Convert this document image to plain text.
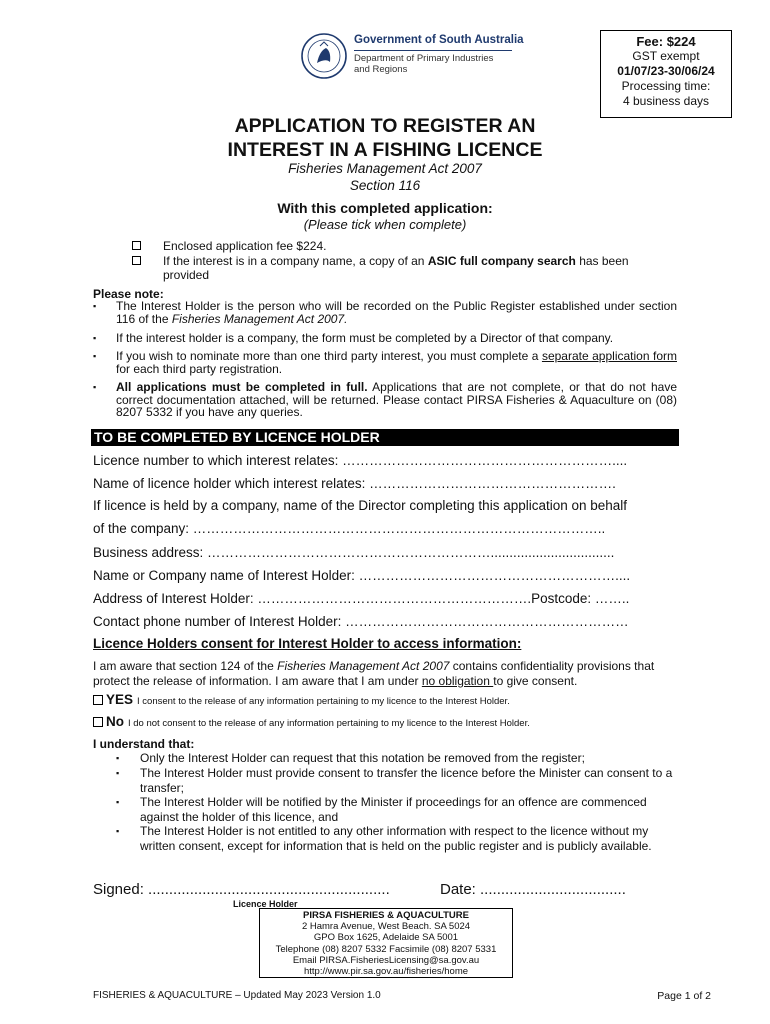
Government of South Australia
Department of Primary Industries
and Regions
Fee: $224
GST exempt
01/07/23-30/06/24
Processing time:
4 business days
APPLICATION TO REGISTER AN
INTEREST IN A FISHING LICENCE
Fisheries Management Act 2007
Section 116
With this completed application:
(Please tick when complete)
Enclosed application fee $224.
If the interest is in a company name, a copy of an ASIC full company search has been provided
Please note:
▪ The Interest Holder is the person who will be recorded on the Public Register established under section 116 of the Fisheries Management Act 2007.
▪ If the interest holder is a company, the form must be completed by a Director of that company.
▪ If you wish to nominate more than one third party interest, you must complete a separate application form for each third party registration.
▪ All applications must be completed in full. Applications that are not complete, or that do not have correct documentation attached, will be returned. Please contact PIRSA Fisheries & Aquaculture on (08) 8207 5332 if you have any queries.
TO BE COMPLETED BY LICENCE HOLDER
Licence number to which interest relates: ……………………………………………………....
Name of licence holder which interest relates: ……………………………………………….
If licence is held by a company, name of the Director completing this application on behalf
of the company: ………………………………………………………………………………..
Business address: ……………………………………………………….................................
Name or Company name of Interest Holder: …………………………………………………....
Address of Interest Holder: …………………………………………………….Postcode: ……..
Contact phone number of Interest Holder: ………………………………………………………
Licence Holders consent for Interest Holder to access information:
I am aware that section 124 of the Fisheries Management Act 2007 contains confidentiality provisions that protect the release of information. I am aware that I am under no obligation to give consent.
YES I consent to the release of any information pertaining to my licence to the Interest Holder.
No I do not consent to the release of any information pertaining to my licence to the Interest Holder.
I understand that:
▪ Only the Interest Holder can request that this notation be removed from the register;
▪ The Interest Holder must provide consent to transfer the licence before the Minister can consent to a transfer;
▪ The Interest Holder will be notified by the Minister if proceedings for an offence are commenced against the holder of this licence, and
▪ The Interest Holder is not entitled to any other information with respect to the licence without my written consent, except for information that is held on the public register and is publicly available.
Signed: ..........................................................	Date: ...................................
Licence Holder
PIRSA FISHERIES & AQUACULTURE
2 Hamra Avenue, West Beach. SA 5024
GPO Box 1625, Adelaide SA 5001
Telephone (08) 8207 5332 Facsimile (08) 8207 5331
Email PIRSA.FisheriesLicensing@sa.gov.au
http://www.pir.sa.gov.au/fisheries/home
FISHERIES & AQUACULTURE – Updated May 2023 Version 1.0	Page 1 of 2
